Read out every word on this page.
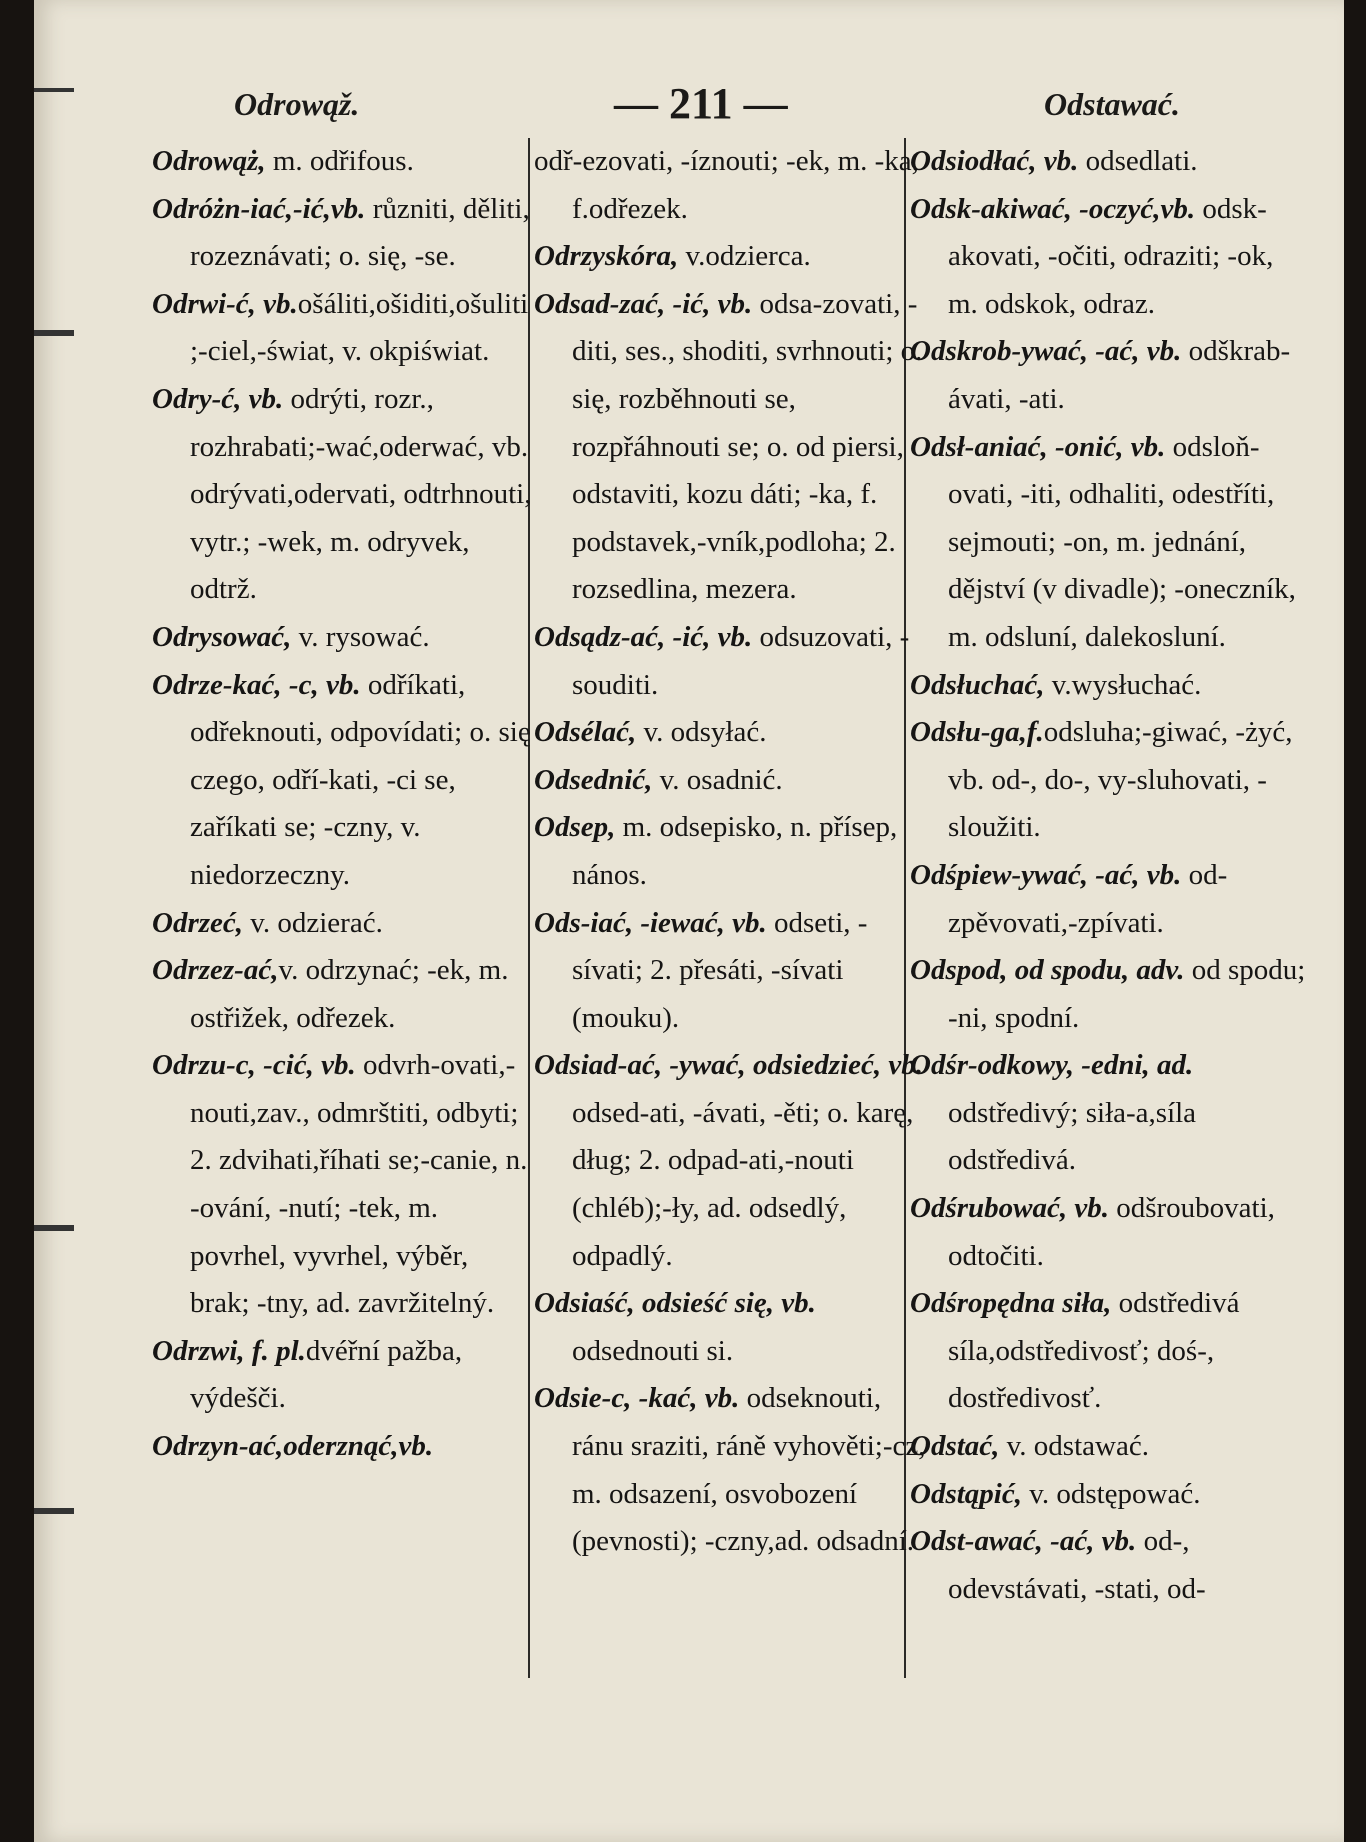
Odrowąž.	— 211 —	Odstawać.

Odrowąż, m. odřifous.

Odróżn-iać,-ić,vb. různiti, děliti, rozeznávati; o. się, -se.

Odrwi-ć, vb.ošáliti,ošiditi,ošuliti ;-ciel,-świat, v. okpiświat.

Odry-ć, vb. odrýti, rozr., rozhrabati;-wać,oderwać, vb. odrývati,odervati, odtrhnouti, vytr.; -wek, m. odryvek, odtrž.

Odrysować, v. rysować.

Odrze-kać, -c, vb. odříkati, odřeknouti, odpovídati; o. się czego, odří-kati, -ci se, zaříkati se; -czny, v. niedorzeczny.

Odrzeć, v. odzierać.

Odrzez-ać,v. odrzynać; -ek, m. ostřižek, odřezek.

Odrzu-c, -cić, vb. odvrh-ovati,-nouti,zav., odmrštiti, odbyti; 2. zdvihati,říhati se;-canie, n. -ování, -nutí; -tek, m. povrhel, vyvrhel, výběr, brak; -tny, ad. zavržitelný.

Odrzwi, f. pl.dvéřní pažba, výdešči.

Odrzyn-ać,oderznąć,vb.

odř-ezovati, -íznouti; -ek, m. -ka, f.odřezek.

Odrzyskóra, v.odzierca.

Odsad-zać, -ić, vb. odsa-zovati, -diti, ses., shoditi, svrhnouti; o. się, rozběhnouti se, rozpřáhnouti se; o. od piersi, odstaviti, kozu dáti; -ka, f. podstavek,-vník,podloha; 2. rozsedlina, mezera.

Odsądz-ać, -ić, vb. odsuzovati, -souditi.

Odsélać, v. odsyłać.

Odsednić, v. osadnić.

Odsep, m. odsepisko, n. přísep, nános.

Ods-iać, -iewać, vb. odseti, -sívati; 2. přesáti, -sívati (mouku).

Odsiad-ać, -ywać, odsiedzieć, vb. odsed-ati, -ávati, -ěti; o. karę, dług; 2. odpad-ati,-nouti (chléb);-ły, ad. odsedlý, odpadlý.

Odsiaść, odsieść się, vb. odsednouti si.

Odsie-c, -kać, vb. odseknouti, ránu sraziti, ráně vyhověti;-cz, m. odsazení, osvobození (pevnosti); -czny,ad. odsadní.

Odsiodłać, vb. odsedlati.

Odsk-akiwać, -oczyć,vb. odsk-akovati, -očiti, odraziti; -ok, m. odskok, odraz.

Odskrob-ywać, -ać, vb. odškrab-ávati, -ati.

Odsł-aniać, -onić, vb. odsloň-ovati, -iti, odhaliti, odestříti, sejmouti; -on, m. jednání, dějství (v divadle); -oneczník, m. odsluní, dalekosluní.

Odsłuchać, v.wysłuchać.

Odsłu-ga,f.odsluha;-giwać, -żyć, vb. od-, do-, vy-sluhovati, -sloužiti.

Odśpiew-ywać, -ać, vb. od-zpěvovati,-zpívati.

Odspod, od spodu, adv. od spodu; -ni, spodní.

Odśr-odkowy, -edni, ad. odstředivý; siła-a,síla odstředivá.

Odśrubować, vb. odšroubovati, odtočiti.

Odśropędna siła, odstředivá síla,odstředivosť; doś-, dostředivosť.

Odstać, v. odstawać.

Odstąpić, v. odstępować.

Odst-awać, -ać, vb. od-, odevstávati, -stati, od-
